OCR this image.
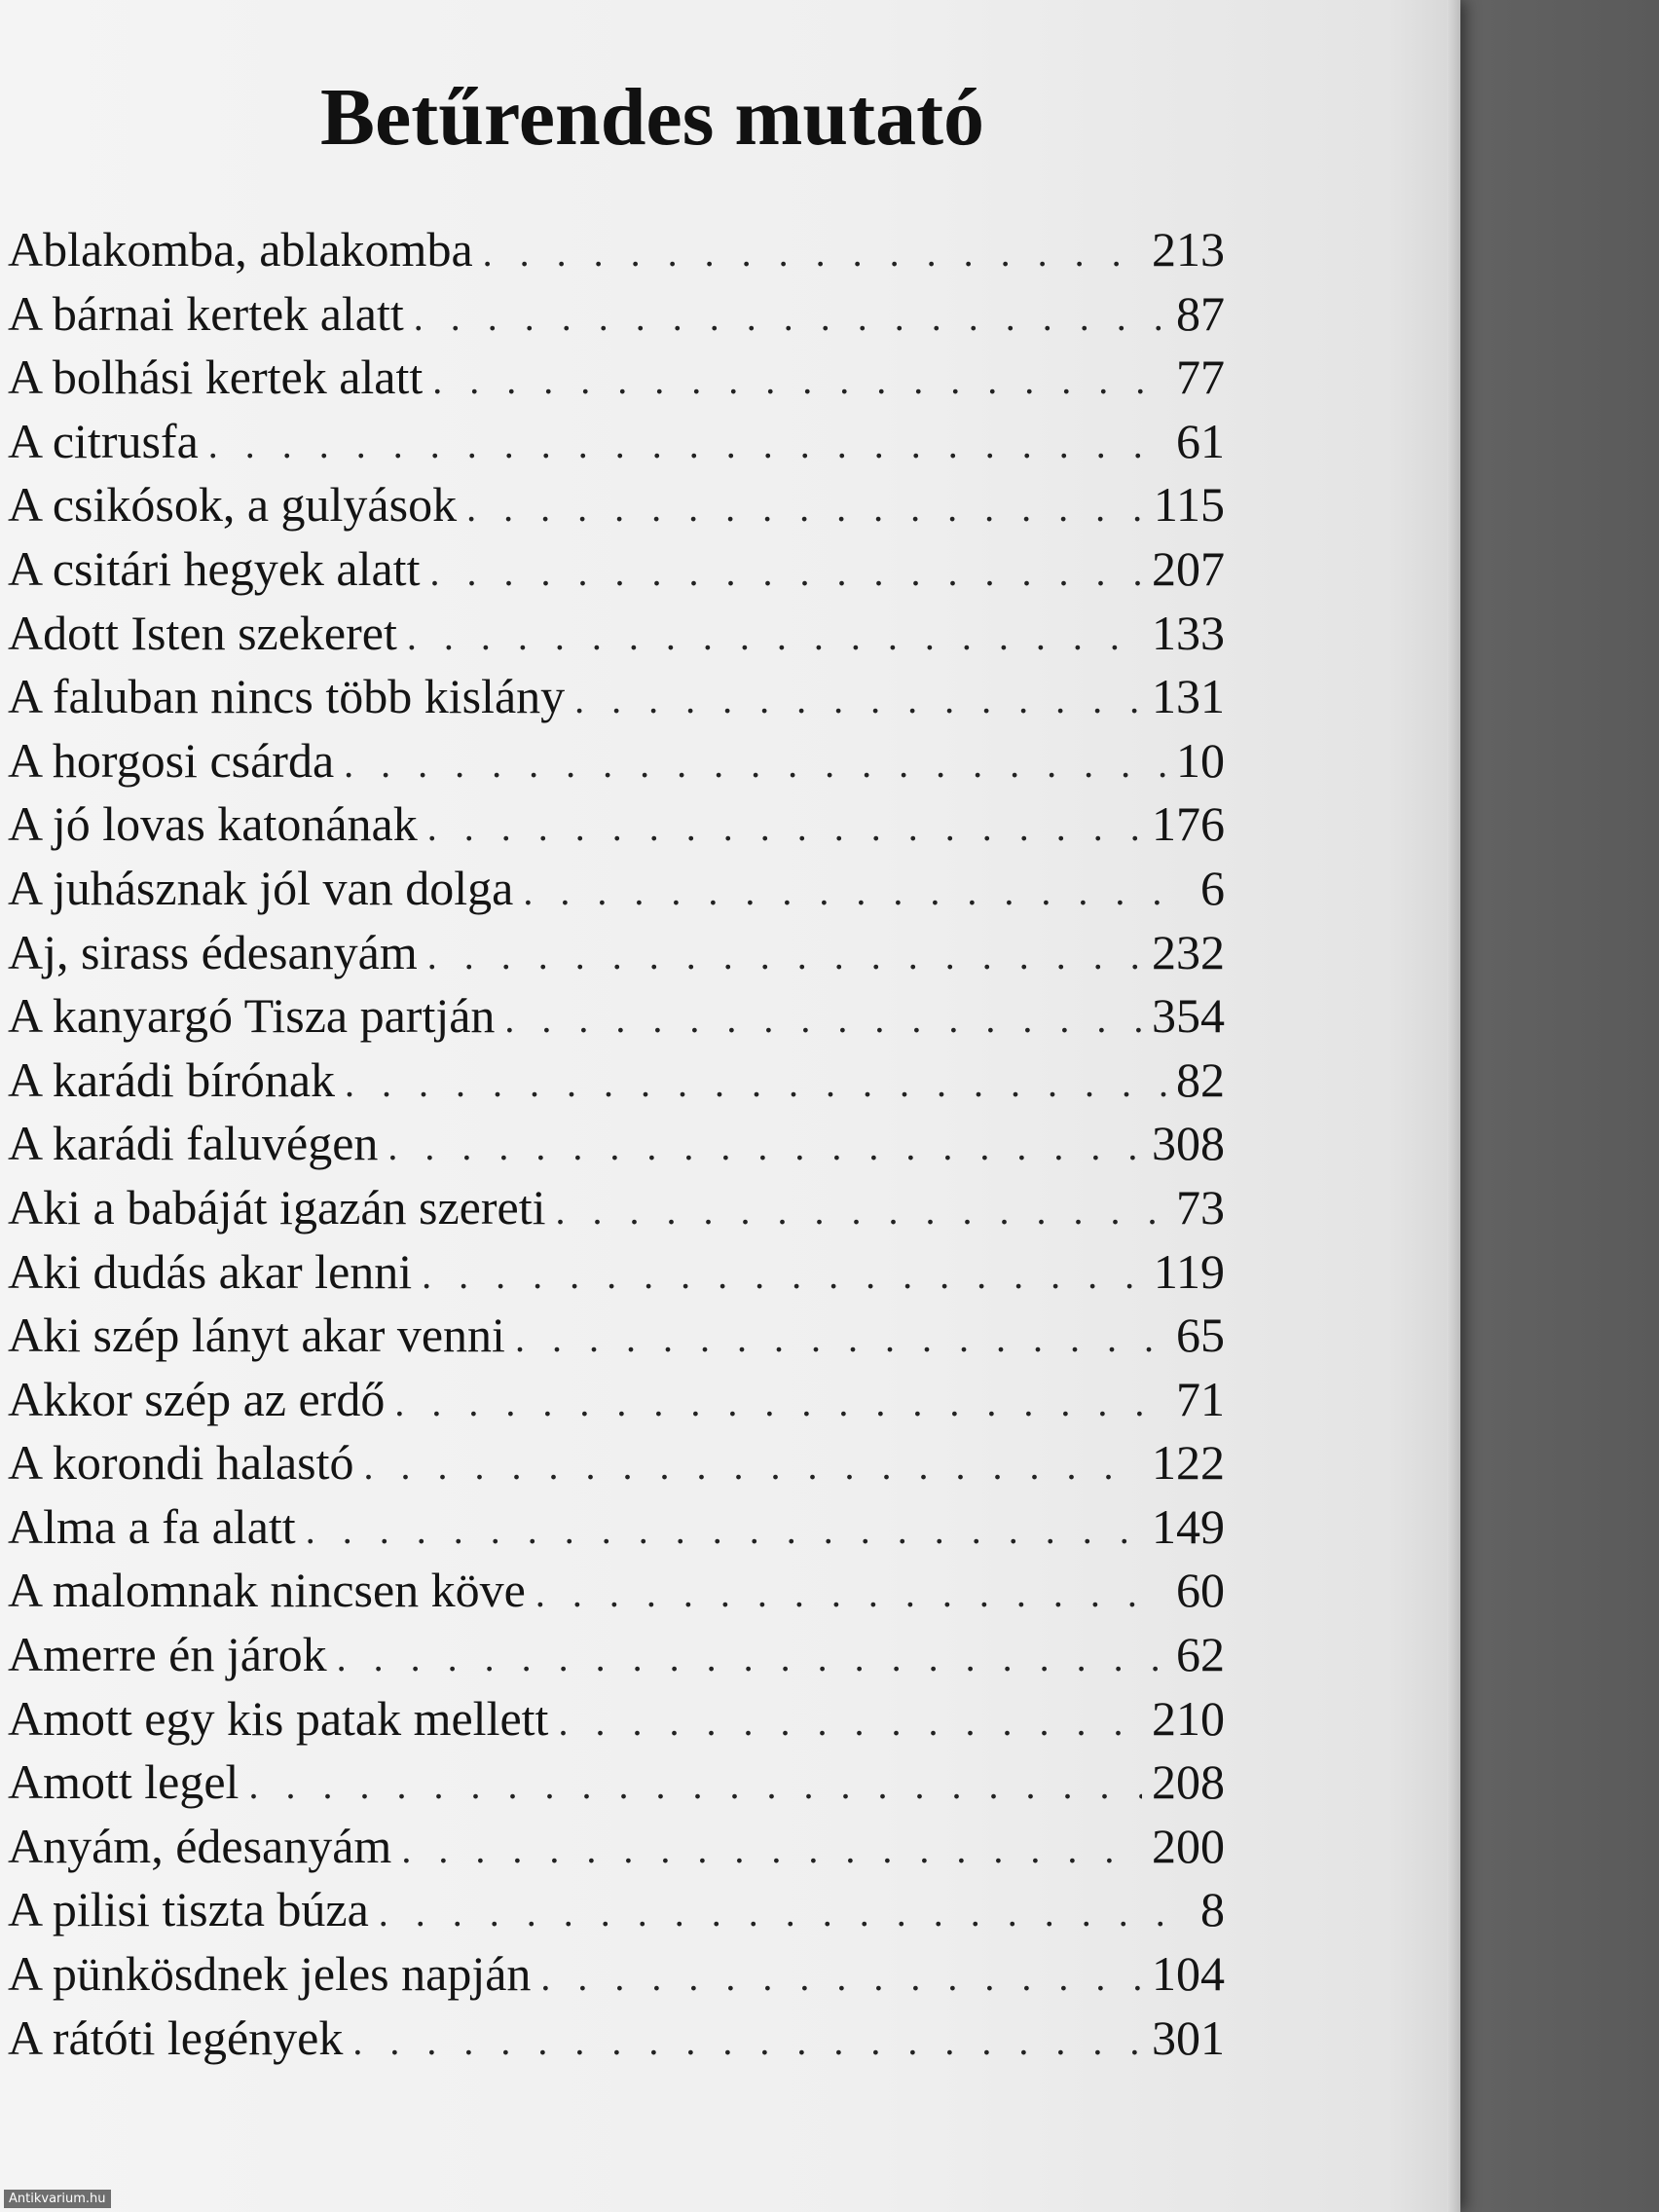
Betűrendes mutató
Ablakomba, ablakomba . . .	213
A bárnai kertek alatt . . .	87
A bolhási kertek alatt . . .	77
A citrusfa . . .	61
A csikósok, a gulyások . . .	115
A csitári hegyek alatt . . .	207
Adott Isten szekeret . . .	133
A faluban nincs több kislány . . .	131
A horgosi csárda . . .	10
A jó lovas katonának . . .	176
A juhásznak jól van dolga . . .	6
Aj, sirass édesanyám . . .	232
A kanyargó Tisza partján . . .	354
A karádi bírónak . . .	82
A karádi faluvégen . . .	308
Aki a babáját igazán szereti . . .	73
Aki dudás akar lenni . . .	119
Aki szép lányt akar venni . . .	65
Akkor szép az erdő . . .	71
A korondi halastó . . .	122
Alma a fa alatt . . .	149
A malomnak nincsen köve . . .	60
Amerre én járok . . .	62
Amott egy kis patak mellett . . .	210
Amott legel . . .	208
Anyám, édesanyám . . .	200
A pilisi tiszta búza . . .	8
A pünkösdnek jeles napján . . .	104
A rátóti legények . . .	301
Antikvarium.hu
